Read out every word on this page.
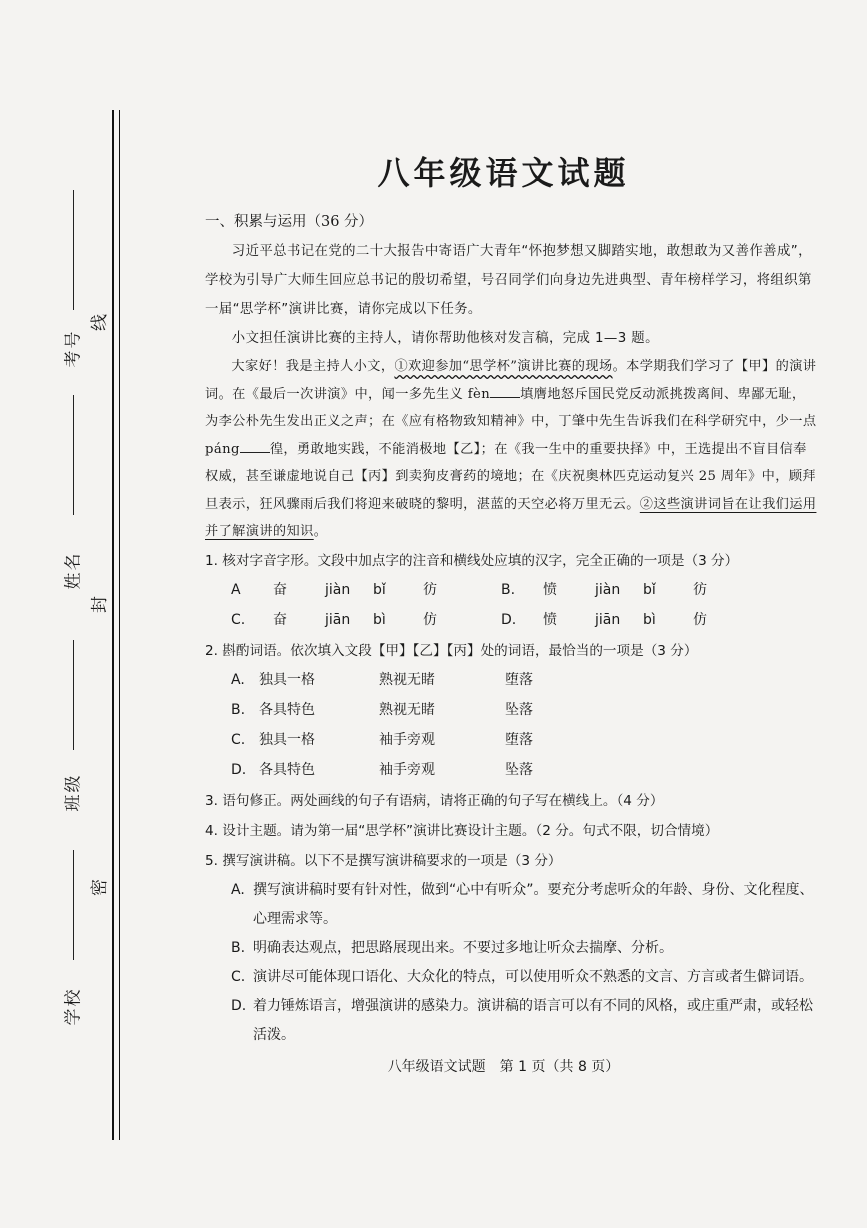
考号
线
姓名
封
班级
密
学校
八年级语文试题
一、积累与运用（36 分）
习近平总书记在党的二十大报告中寄语广大青年“怀抱梦想又脚踏实地，敢想敢为又善作善成”，学校为引导广大师生回应总书记的殷切希望，号召同学们向身边先进典型、青年榜样学习，将组织第一届“思学杯”演讲比赛，请你完成以下任务。
小文担任演讲比赛的主持人，请你帮助他核对发言稿，完成 1—3 题。
大家好！我是主持人小文，①欢迎参加“思学杯”演讲比赛的现场。本学期我们学习了【甲】的演讲词。在《最后一次讲演》中，闻一多先生义 fèn 填膺地怒斥国民党反动派挑拨离间、卑鄙无耻，为李公朴先生发出正义之声；在《应有格物致知精神》中，丁肇中先生告诉我们在科学研究中，少一点 páng 徨，勇敢地实践，不能消极地【乙】；在《我一生中的重要抉择》中，王选提出不盲目信奉权威，甚至谦虚地说自己【丙】到卖狗皮膏药的境地；在《庆祝奥林匹克运动复兴 25 周年》中，顾拜旦表示，狂风骤雨后我们将迎来破晓的黎明，湛蓝的天空必将万里无云。②这些演讲词旨在让我们运用并了解演讲的知识。
1. 核对字音字形。文段中加点字的注音和横线处应填的汉字，完全正确的一项是（3 分）
A	奋	jiàn	bǐ	彷	B.	愤	jiàn	bǐ	彷
C.	奋	jiān	bì	仿	D.	愤	jiān	bì	仿
2. 斟酌词语。依次填入文段【甲】【乙】【丙】处的词语，最恰当的一项是（3 分）
A.	独具一格	熟视无睹	堕落
B. 各具特色	熟视无睹	坠落
C. 独具一格	袖手旁观	堕落
D. 各具特色	袖手旁观	坠落
3. 语句修正。两处画线的句子有语病，请将正确的句子写在横线上。（4 分）
4. 设计主题。请为第一届“思学杯”演讲比赛设计主题。（2 分。句式不限，切合情境）
5. 撰写演讲稿。以下不是撰写演讲稿要求的一项是（3 分）
A. 撰写演讲稿时要有针对性，做到“心中有听众”。要充分考虑听众的年龄、身份、文化程度、心理需求等。
B. 明确表达观点，把思路展现出来。不要过多地让听众去揣摩、分析。
C. 演讲尽可能体现口语化、大众化的特点，可以使用听众不熟悉的文言、方言或者生僻词语。
D. 着力锤炼语言，增强演讲的感染力。演讲稿的语言可以有不同的风格，或庄重严肃，或轻松活泼。
八年级语文试题　第 1 页（共 8 页）
